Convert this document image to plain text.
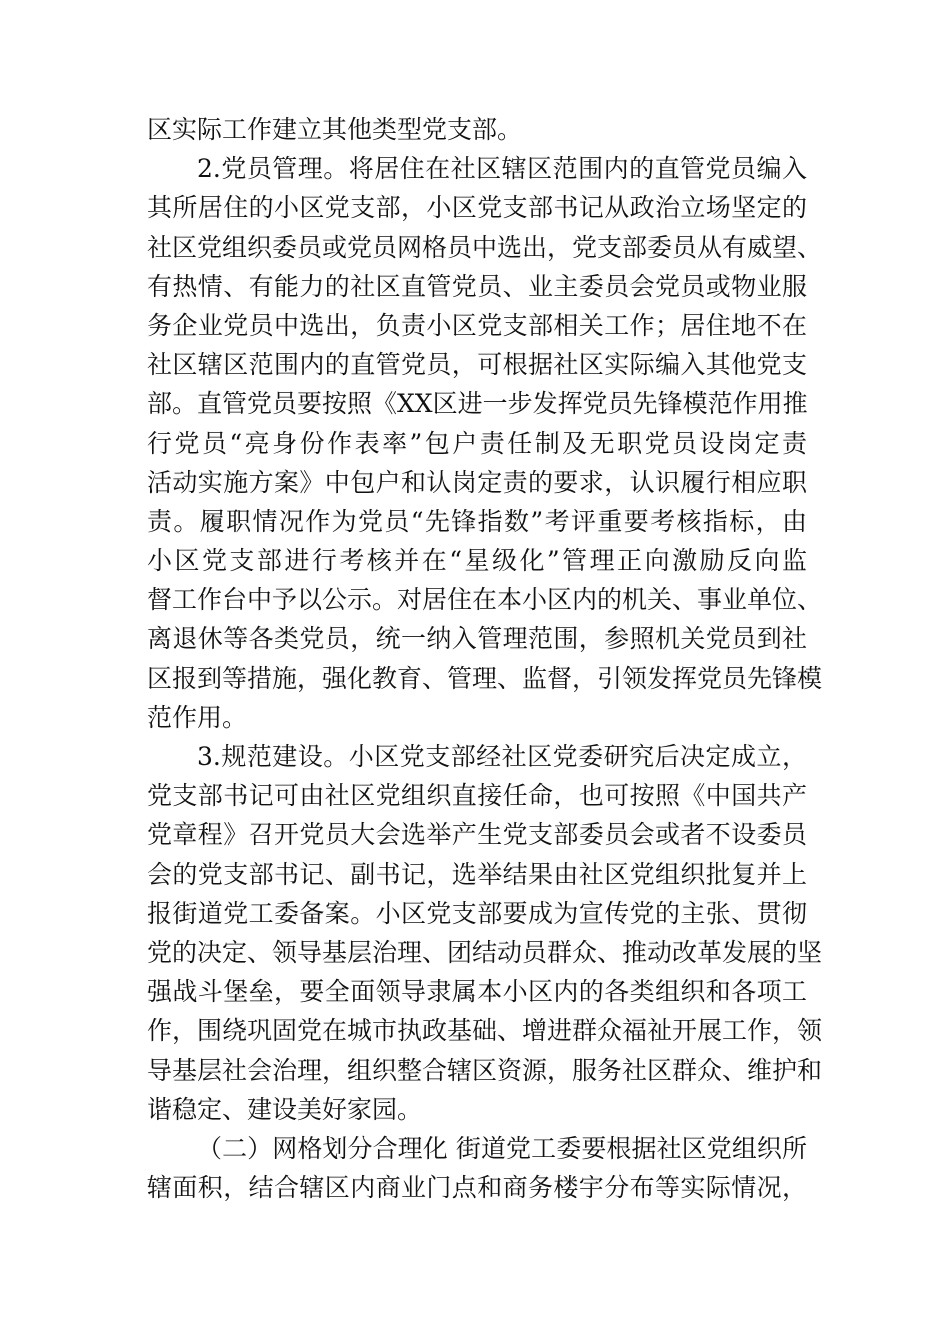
区实际工作建立其他类型党支部。
2.党员管理。将居住在社区辖区范围内的直管党员编入
其所居住的小区党支部，小区党支部书记从政治立场坚定的
社区党组织委员或党员网格员中选出，党支部委员从有威望、
有热情、有能力的社区直管党员、业主委员会党员或物业服
务企业党员中选出，负责小区党支部相关工作；居住地不在
社区辖区范围内的直管党员，可根据社区实际编入其他党支
部。直管党员要按照《XX区进一步发挥党员先锋模范作用推
行党员“亮身份作表率”包户责任制及无职党员设岗定责
活动实施方案》中包户和认岗定责的要求，认识履行相应职
责。履职情况作为党员“先锋指数”考评重要考核指标，由
小区党支部进行考核并在“星级化”管理正向激励反向监
督工作台中予以公示。对居住在本小区内的机关、事业单位、
离退休等各类党员，统一纳入管理范围，参照机关党员到社
区报到等措施，强化教育、管理、监督，引领发挥党员先锋模
范作用。
3.规范建设。小区党支部经社区党委研究后决定成立，
党支部书记可由社区党组织直接任命，也可按照《中国共产
党章程》召开党员大会选举产生党支部委员会或者不设委员
会的党支部书记、副书记，选举结果由社区党组织批复并上
报街道党工委备案。小区党支部要成为宣传党的主张、贯彻
党的决定、领导基层治理、团结动员群众、推动改革发展的坚
强战斗堡垒，要全面领导隶属本小区内的各类组织和各项工
作，围绕巩固党在城市执政基础、增进群众福祉开展工作，领
导基层社会治理，组织整合辖区资源，服务社区群众、维护和
谐稳定、建设美好家园。
（二）网格划分合理化 街道党工委要根据社区党组织所
辖面积，结合辖区内商业门点和商务楼宇分布等实际情况，
